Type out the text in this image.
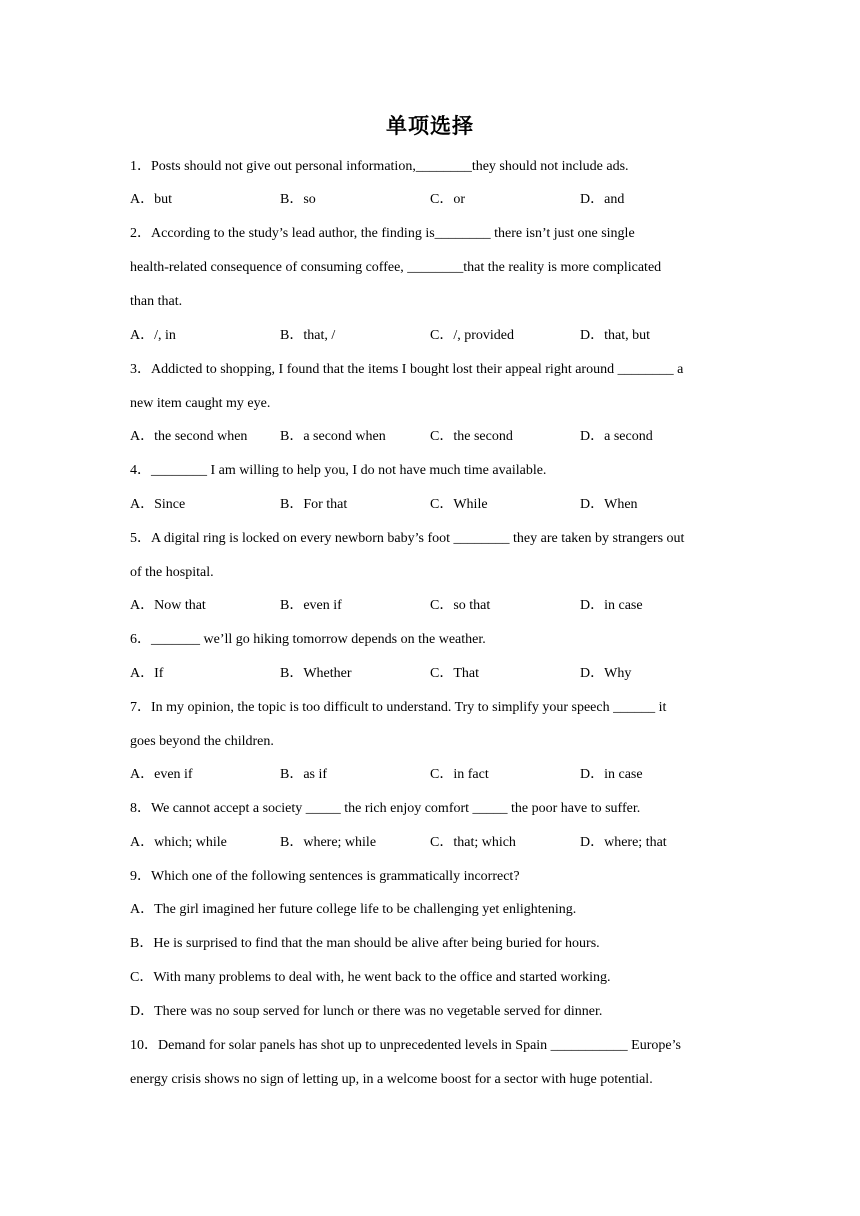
单项选择
1．Posts should not give out personal information,________they should not include ads.
A．but	B．so	C．or	D．and
2．According to the study’s lead author, the finding is________ there isn’t just one single
health-related consequence of consuming coffee, ________that the reality is more complicated
than that.
A．/, in	B．that, /	C．/, provided	D．that, but
3．Addicted to shopping, I found that the items I bought lost their appeal right around ________ a
new item caught my eye.
A．the second when B．a second when	C．the second	D．a second
4．________ I am willing to help you, I do not have much time available.
A．Since	B．For that	C．While	D．When
5．A digital ring is locked on every newborn baby’s foot ________ they are taken by strangers out
of the hospital.
A．Now that	B．even if	C．so that	D．in case
6．_______ we’ll go hiking tomorrow depends on the weather.
A．If	B．Whether	C．That	D．Why
7．In my opinion, the topic is too difficult to understand. Try to simplify your speech ______ it
goes beyond the children.
A．even if	B．as if	C．in fact	D．in case
8．We cannot accept a society _____ the rich enjoy comfort _____ the poor have to suffer.
A．which; while	B．where; while	C．that; which	D．where; that
9．Which one of the following sentences is grammatically incorrect?
A．The girl imagined her future college life to be challenging yet enlightening.
B．He is surprised to find that the man should be alive after being buried for hours.
C．With many problems to deal with, he went back to the office and started working.
D．There was no soup served for lunch or there was no vegetable served for dinner.
10．Demand for solar panels has shot up to unprecedented levels in Spain ___________ Europe’s
energy crisis shows no sign of letting up, in a welcome boost for a sector with huge potential.
